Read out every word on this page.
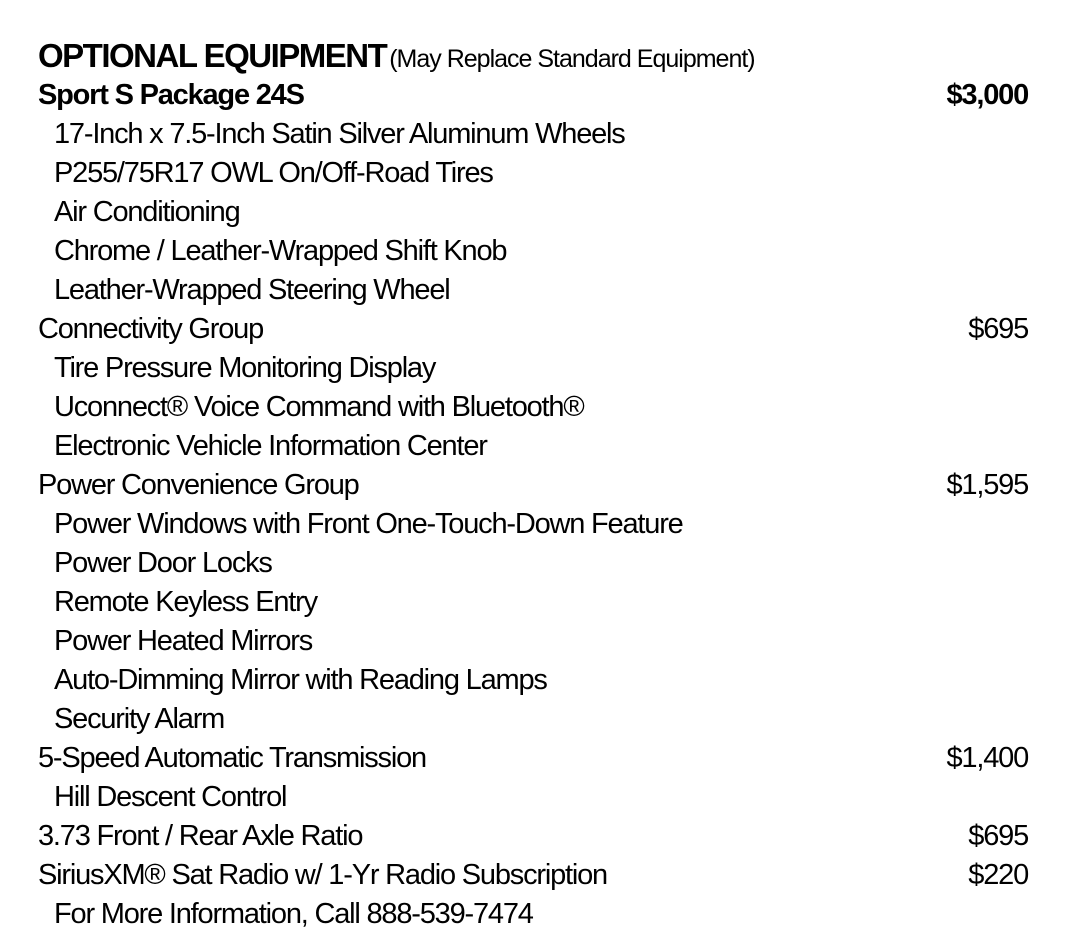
OPTIONAL EQUIPMENT (May Replace Standard Equipment)
Sport S Package 24S	$3,000
17-Inch x 7.5-Inch Satin Silver Aluminum Wheels
P255/75R17 OWL On/Off-Road Tires
Air Conditioning
Chrome / Leather-Wrapped Shift Knob
Leather-Wrapped Steering Wheel
Connectivity Group	$695
Tire Pressure Monitoring Display
Uconnect® Voice Command with Bluetooth®
Electronic Vehicle Information Center
Power Convenience Group	$1,595
Power Windows with Front One-Touch-Down Feature
Power Door Locks
Remote Keyless Entry
Power Heated Mirrors
Auto-Dimming Mirror with Reading Lamps
Security Alarm
5-Speed Automatic Transmission	$1,400
Hill Descent Control
3.73 Front / Rear Axle Ratio	$695
SiriusXM® Sat Radio w/ 1-Yr Radio Subscription	$220
For More Information, Call 888-539-7474
